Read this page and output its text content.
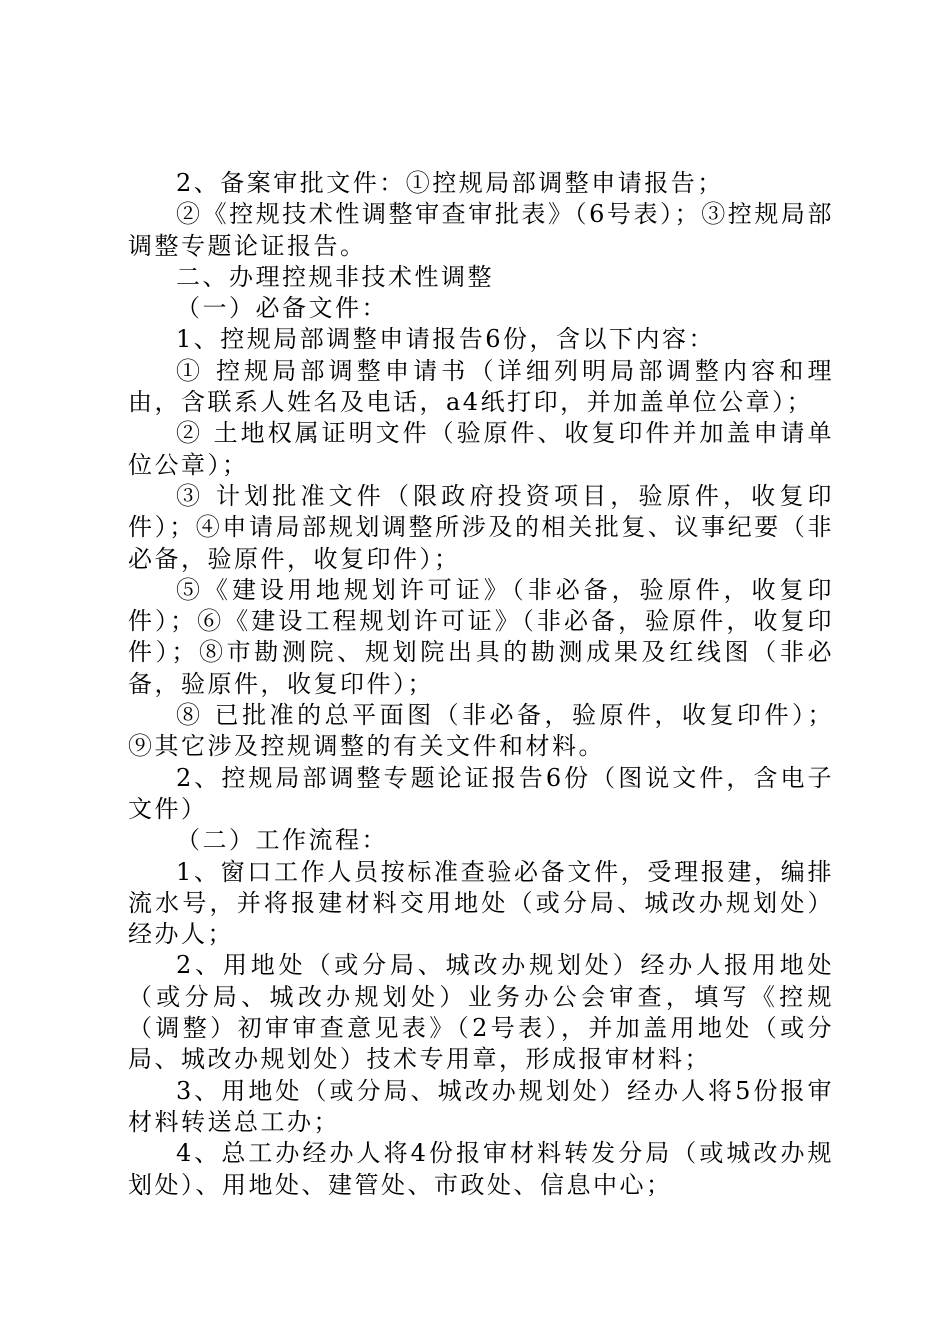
2、备案审批文件：①控规局部调整申请报告；

②《控规技术性调整审查审批表》（6号表）；③控规局部调整专题论证报告。

二、办理控规非技术性调整

（一）必备文件：

1、控规局部调整申请报告6份，含以下内容：

① 控规局部调整申请书（详细列明局部调整内容和理由，含联系人姓名及电话，a4纸打印，并加盖单位公章）；

② 土地权属证明文件（验原件、收复印件并加盖申请单位公章）；

③ 计划批准文件（限政府投资项目，验原件，收复印件）；④申请局部规划调整所涉及的相关批复、议事纪要（非必备，验原件，收复印件）；

⑤《建设用地规划许可证》（非必备，验原件，收复印件）；⑥《建设工程规划许可证》（非必备，验原件，收复印件）；⑧市勘测院、规划院出具的勘测成果及红线图（非必备，验原件，收复印件）；

⑧ 已批准的总平面图（非必备，验原件，收复印件）；⑨其它涉及控规调整的有关文件和材料。

2、控规局部调整专题论证报告6份（图说文件，含电子文件）

（二）工作流程：

1、窗口工作人员按标准查验必备文件，受理报建，编排流水号，并将报建材料交用地处（或分局、城改办规划处）经办人；

2、用地处（或分局、城改办规划处）经办人报用地处（或分局、城改办规划处）业务办公会审查，填写《控规（调整）初审审查意见表》（2号表），并加盖用地处（或分局、城改办规划处）技术专用章，形成报审材料；

3、用地处（或分局、城改办规划处）经办人将5份报审材料转送总工办；

4、总工办经办人将4份报审材料转发分局（或城改办规划处）、用地处、建管处、市政处、信息中心；
